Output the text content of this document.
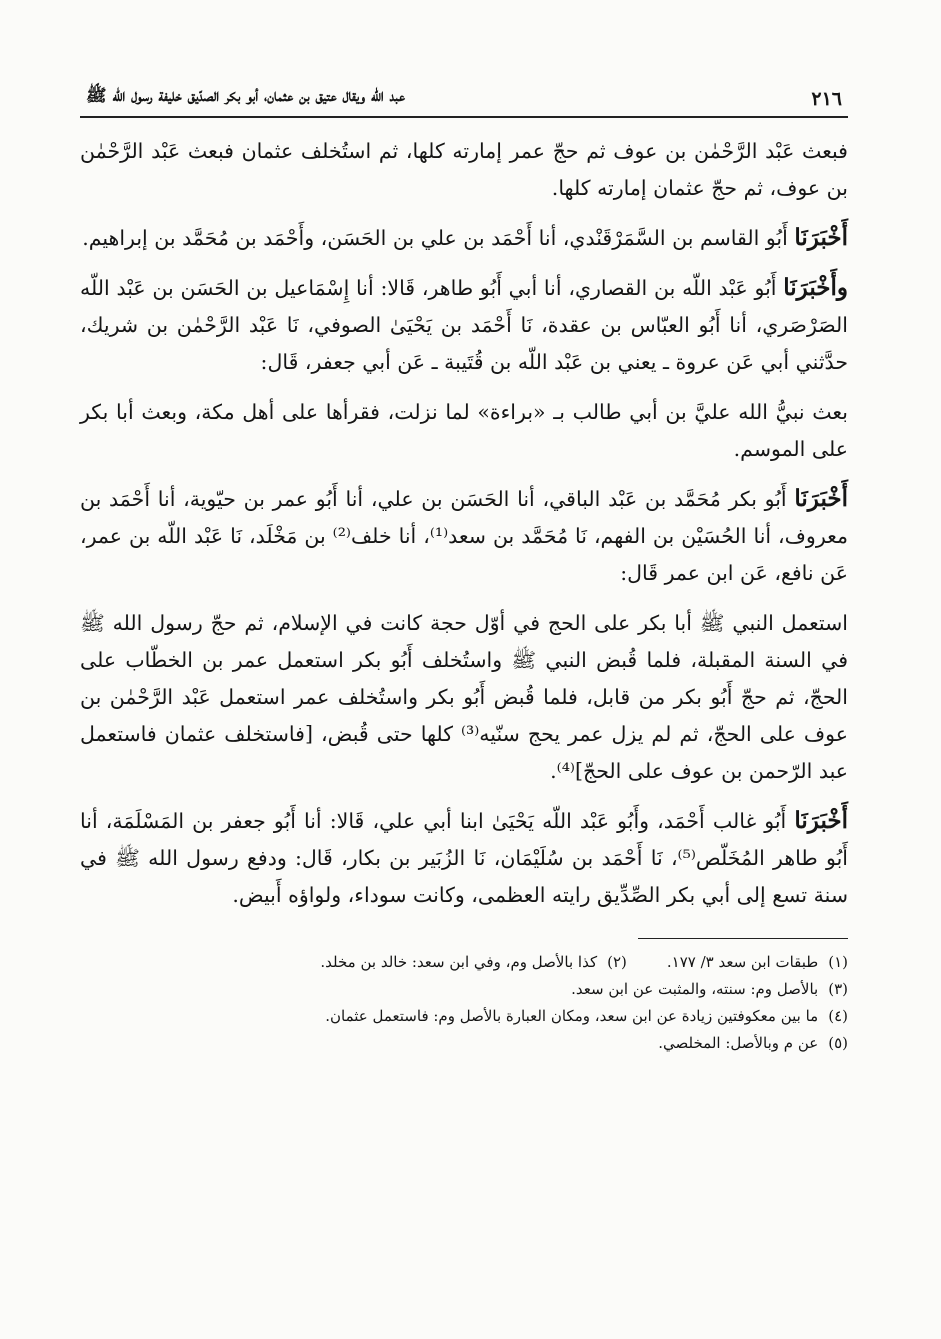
٢١٦
عبد الله ويقال عتيق بن عثمان، أبو بكر الصدّيق خليفة رسول الله ﷺ

فبعث عَبْد الرَّحْمٰن بن عوف ثم حجّ عمر إمارته كلها، ثم استُخلف عثمان فبعث عَبْد الرَّحْمٰن بن عوف، ثم حجّ عثمان إمارته كلها.

أَخْبَرَنَا أَبُو القاسم بن السَّمَرْقَنْدي، أنا أَحْمَد بن علي بن الحَسَن، وأَحْمَد بن مُحَمَّد بن إبراهيم.

وأَخْبَرَنَا أَبُو عَبْد اللّه بن القصاري، أنا أبي أَبُو طاهر، قَالا: أنا إِسْمَاعيل بن الحَسَن بن عَبْد اللّه الصَرْصَري، أنا أَبُو العبّاس بن عقدة، نَا أَحْمَد بن يَحْيَىٰ الصوفي، نَا عَبْد الرَّحْمٰن بن شريك، حدَّثني أبي عَن عروة ـ يعني بن عَبْد اللّه بن قُتَيبة ـ عَن أبي جعفر، قَال:

بعث نبيُّ الله عليَّ بن أبي طالب بـ «براءة» لما نزلت، فقرأها على أهل مكة، وبعث أبا بكر على الموسم.

أَخْبَرَنَا أَبُو بكر مُحَمَّد بن عَبْد الباقي، أنا الحَسَن بن علي، أنا أَبُو عمر بن حيّوية، أنا أَحْمَد بن معروف، أنا الحُسَيْن بن الفهم، نَا مُحَمَّد بن سعد⁽¹⁾، أنا خلف⁽²⁾ بن مَخْلَد، نَا عَبْد اللّه بن عمر، عَن نافع، عَن ابن عمر قَال:

استعمل النبي ﷺ أبا بكر على الحج في أوّل حجة كانت في الإسلام، ثم حجّ رسول الله ﷺ في السنة المقبلة، فلما قُبض النبي ﷺ واستُخلف أَبُو بكر استعمل عمر بن الخطّاب على الحجّ، ثم حجّ أَبُو بكر من قابل، فلما قُبض أَبُو بكر واستُخلف عمر استعمل عَبْد الرَّحْمٰن بن عوف على الحجّ، ثم لم يزل عمر يحج سنّيه⁽³⁾ كلها حتى قُبض، [فاستخلف عثمان فاستعمل عبد الرّحمن بن عوف على الحجّ]⁽⁴⁾.

أَخْبَرَنَا أَبُو غالب أَحْمَد، وأَبُو عَبْد اللّه يَحْيَىٰ ابنا أبي علي، قَالا: أنا أَبُو جعفر بن المَسْلَمَة، أنا أَبُو طاهر المُخَلّص⁽⁵⁾، نَا أَحْمَد بن سُلَيْمَان، نَا الزُبَير بن بكار، قَال: ودفع رسول الله ﷺ في سنة تسع إلى أبي بكر الصِّدِّيق رايته العظمى، وكانت سوداء، ولواؤه أَبيض.

(١)طبقات ابن سعد ٣/ ١٧٧.
(٢)كذا بالأصل وم، وفي ابن سعد: خالد بن مخلد.
(٣)بالأصل وم: سنته، والمثبت عن ابن سعد.
(٤)ما بين معكوفتين زيادة عن ابن سعد، ومكان العبارة بالأصل وم: فاستعمل عثمان.
(٥)عن م وبالأصل: المخلصي.
